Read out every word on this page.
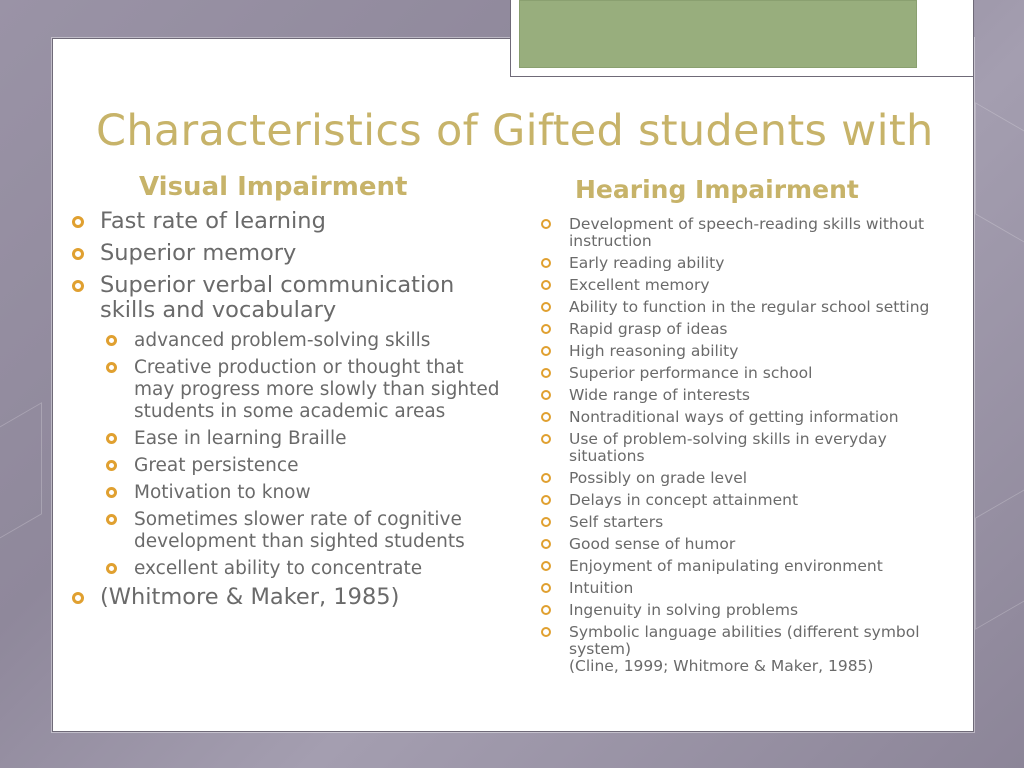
Characteristics of Gifted students with
Visual Impairment	Hearing Impairment
Fast rate of learning
Superior memory
Superior verbal communication skills and vocabulary
advanced problem-solving skills
Creative production or thought that may progress more slowly than sighted students in some academic areas
Ease in learning Braille
Great persistence
Motivation to know
Sometimes slower rate of cognitive development than sighted students
excellent ability to concentrate
(Whitmore & Maker, 1985)
Development of speech-reading skills without instruction
Early reading ability
Excellent memory
Ability to function in the regular school setting
Rapid grasp of ideas
High reasoning ability
Superior performance in school
Wide range of interests
Nontraditional ways of getting information
Use of problem-solving skills in everyday situations
Possibly on grade level
Delays in concept attainment
Self starters
Good sense of humor
Enjoyment of manipulating environment
Intuition
Ingenuity in solving problems
Symbolic language abilities (different symbol system)
(Cline, 1999; Whitmore & Maker, 1985)
